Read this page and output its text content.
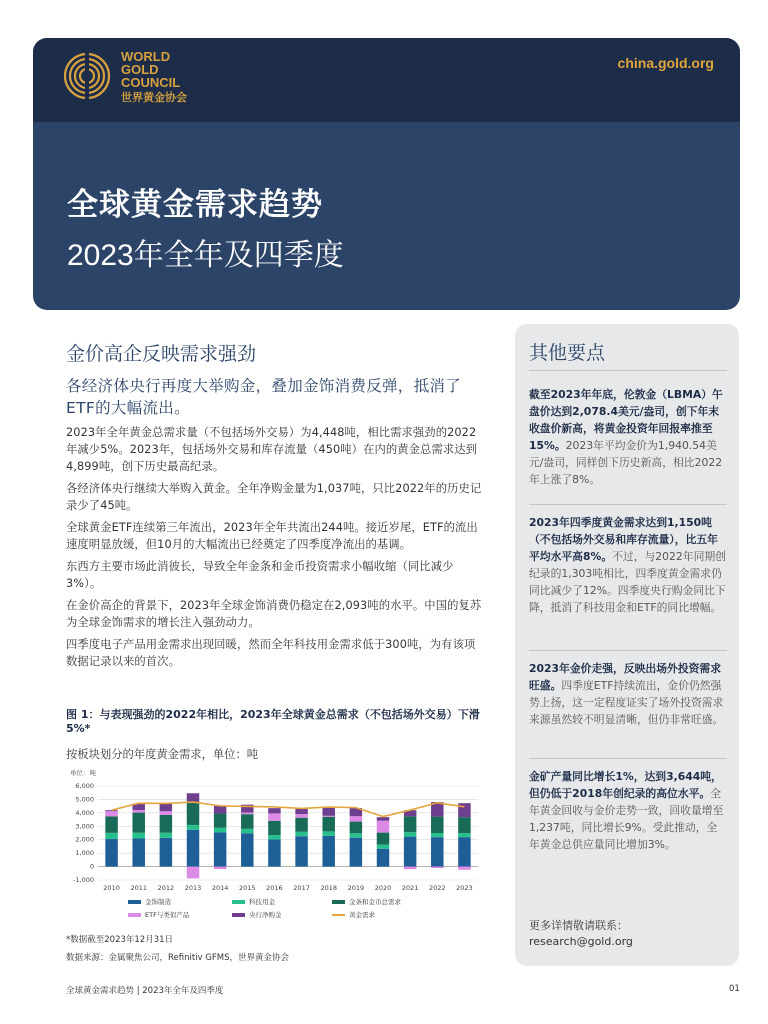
WORLD
GOLD
COUNCIL
世界黄金协会
china.gold.org
全球黄金需求趋势
2023年全年及四季度
金价高企反映需求强劲
各经济体央行再度大举购金，叠加金饰消费反弹，抵消了ETF的大幅流出。
2023年全年黄金总需求量（不包括场外交易）为4,448吨，相比需求强劲的2022年减少5%。2023年，包括场外交易和库存流量（450吨）在内的黄金总需求达到4,899吨，创下历史最高纪录。
各经济体央行继续大举购入黄金。全年净购金量为1,037吨，只比2022年的历史记录少了45吨。
全球黄金ETF连续第三年流出，2023年全年共流出244吨。接近岁尾，ETF的流出速度明显放缓，但10月的大幅流出已经奠定了四季度净流出的基调。
东西方主要市场此消彼长，导致全年金条和金币投资需求小幅收缩（同比减少3%）。
在金价高企的背景下，2023年全球金饰消费仍稳定在2,093吨的水平。中国的复苏为全球金饰需求的增长注入强劲动力。
四季度电子产品用金需求出现回暖，然而全年科技用金需求低于300吨，为有该项数据记录以来的首次。
图 1：与表现强劲的2022年相比，2023年全球黄金总需求（不包括场外交易）下滑5%*
按板块划分的年度黄金需求，单位：吨
单位：吨
-1,000
0
1,000
2,000
3,000
4,000
5,000
6,000
2010 2011 2012 2013 2014 2015 2016 2017 2018 2019 2020 2021 2022 2023
金饰制造	科技用金	金条和金币总需求
ETF与类似产品	央行净购金	黄金需求
*数据截至2023年12月31日
数据来源：金属聚焦公司，Refinitiv GFMS，世界黄金协会
其他要点
截至2023年年底，伦敦金（LBMA）午盘价达到2,078.4美元/盎司，创下年末收盘价新高，将黄金投资年回报率推至15%。2023年平均金价为1,940.54美元/盎司，同样创下历史新高，相比2022年上涨了8%。
2023年四季度黄金需求达到1,150吨（不包括场外交易和库存流量），比五年平均水平高8%。不过，与2022年同期创纪录的1,303吨相比，四季度黄金需求仍同比减少了12%。四季度央行购金同比下降，抵消了科技用金和ETF的同比增幅。
2023年金价走强，反映出场外投资需求旺盛。四季度ETF持续流出，金价仍然强势上扬，这一定程度证实了场外投资需求来源虽然较不明显清晰，但仍非常旺盛。
金矿产量同比增长1%，达到3,644吨，但仍低于2018年创纪录的高位水平。全年黄金回收与金价走势一致，回收量增至1,237吨，同比增长9%。受此推动，全年黄金总供应量同比增加3%。
更多详情敬请联系：
research@gold.org
全球黄金需求趋势 | 2023年全年及四季度	01
